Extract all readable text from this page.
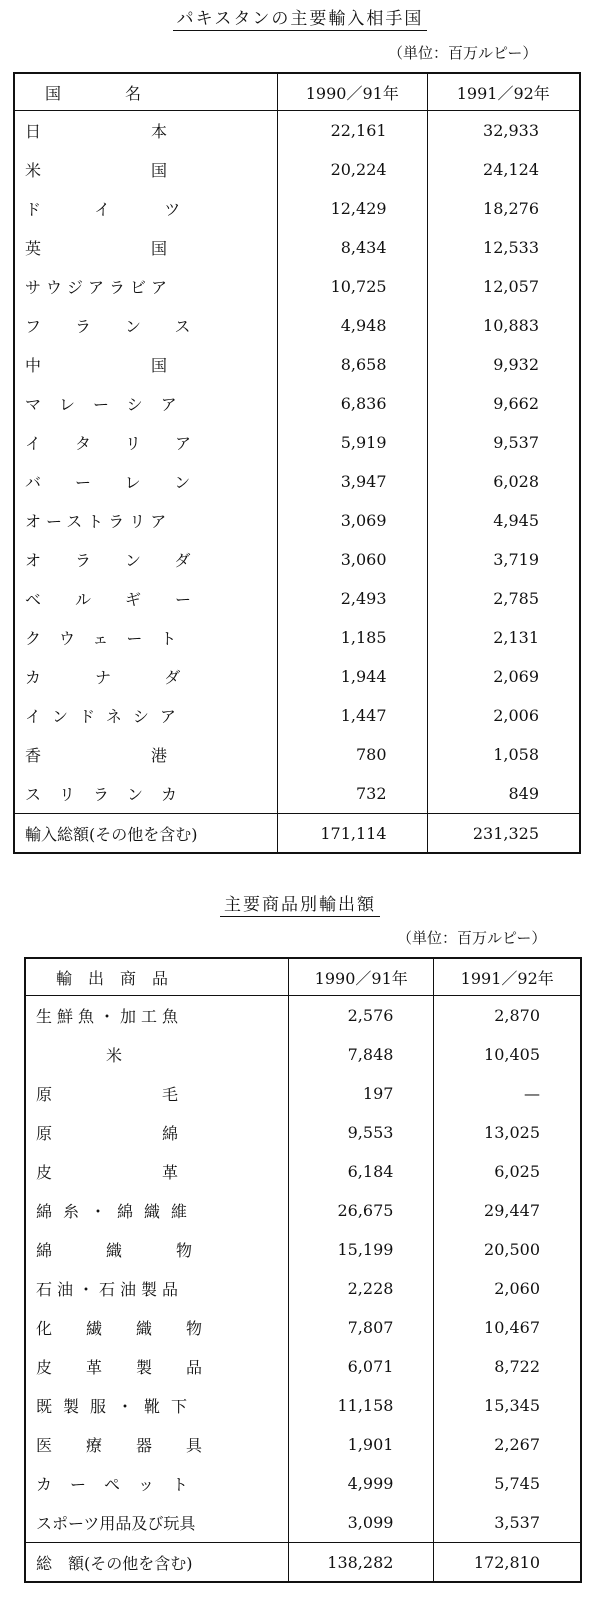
パキスタンの主要輸入相手国
（単位：百万ルピー）
国　　　　名	1990／91年	1991／92年
日本	22,161	32,933
米国	20,224	24,124
ドイツ	12,429	18,276
英国	8,434	12,533
サウジアラビア	10,725	12,057
フランス	4,948	10,883
中国	8,658	9,932
マレーシア	6,836	9,662
イタリア	5,919	9,537
バーレン	3,947	6,028
オーストラリア	3,069	4,945
オランダ	3,060	3,719
ベルギー	2,493	2,785
クウェート	1,185	2,131
カナダ	1,944	2,069
インドネシア	1,447	2,006
香港	780	1,058
スリランカ	732	849
輸入総額(その他を含む)	171,114	231,325
主要商品別輸出額
（単位：百万ルピー）
輸　出　商　品	1990／91年	1991／92年
生鮮魚・加工魚	2,576	2,870
米	7,848	10,405
原毛	197	—
原綿	9,553	13,025
皮革	6,184	6,025
綿糸・綿織維	26,675	29,447
綿織物	15,199	20,500
石油・石油製品	2,228	2,060
化繊織物	7,807	10,467
皮革製品	6,071	8,722
既製服・靴下	11,158	15,345
医療器具	1,901	2,267
カーペット	4,999	5,745
スポーツ用品及び玩具	3,099	3,537
総　額(その他を含む)	138,282	172,810
